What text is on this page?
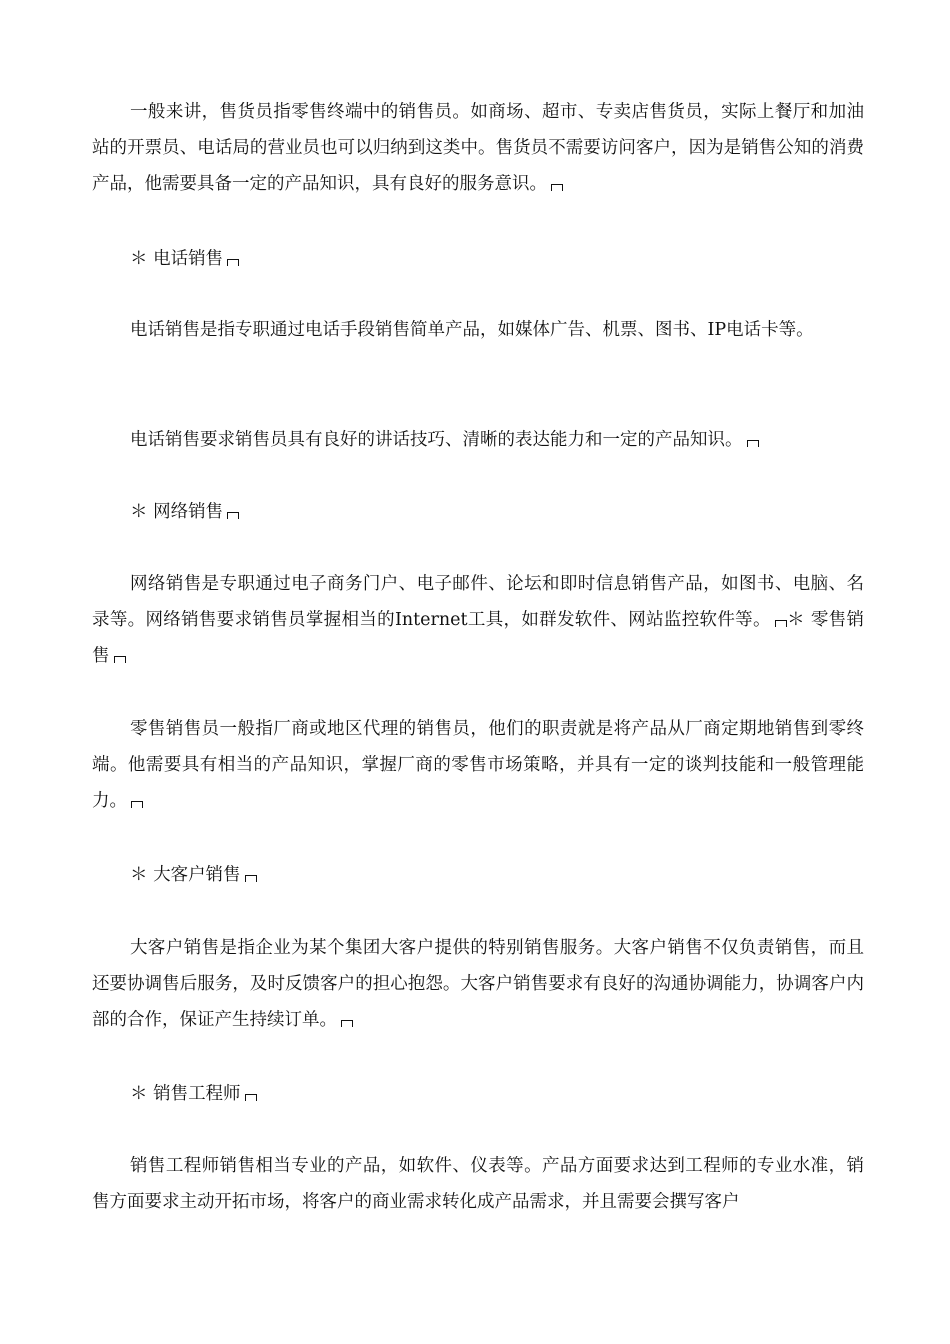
一般来讲，售货员指零售终端中的销售员。如商场、超市、专卖店售货员，实际上餐厅和加油站的开票员、电话局的营业员也可以归纳到这类中。售货员不需要访问客户，因为是销售公知的消费产品，他需要具备一定的产品知识，具有良好的服务意识。

＊ 电话销售

电话销售是指专职通过电话手段销售简单产品，如媒体广告、机票、图书、IP电话卡等。

电话销售要求销售员具有良好的讲话技巧、清晰的表达能力和一定的产品知识。

＊ 网络销售

网络销售是专职通过电子商务门户、电子邮件、论坛和即时信息销售产品，如图书、电脑、名录等。网络销售要求销售员掌握相当的Internet工具，如群发软件、网站监控软件等。 ＊ 零售销售

零售销售员一般指厂商或地区代理的销售员，他们的职责就是将产品从厂商定期地销售到零终端。他需要具有相当的产品知识，掌握厂商的零售市场策略，并具有一定的谈判技能和一般管理能力。

＊ 大客户销售

大客户销售是指企业为某个集团大客户提供的特别销售服务。大客户销售不仅负责销售，而且还要协调售后服务，及时反馈客户的担心抱怨。大客户销售要求有良好的沟通协调能力，协调客户内部的合作，保证产生持续订单。

＊ 销售工程师

销售工程师销售相当专业的产品，如软件、仪表等。产品方面要求达到工程师的专业水准，销售方面要求主动开拓市场，将客户的商业需求转化成产品需求，并且需要会撰写客户
